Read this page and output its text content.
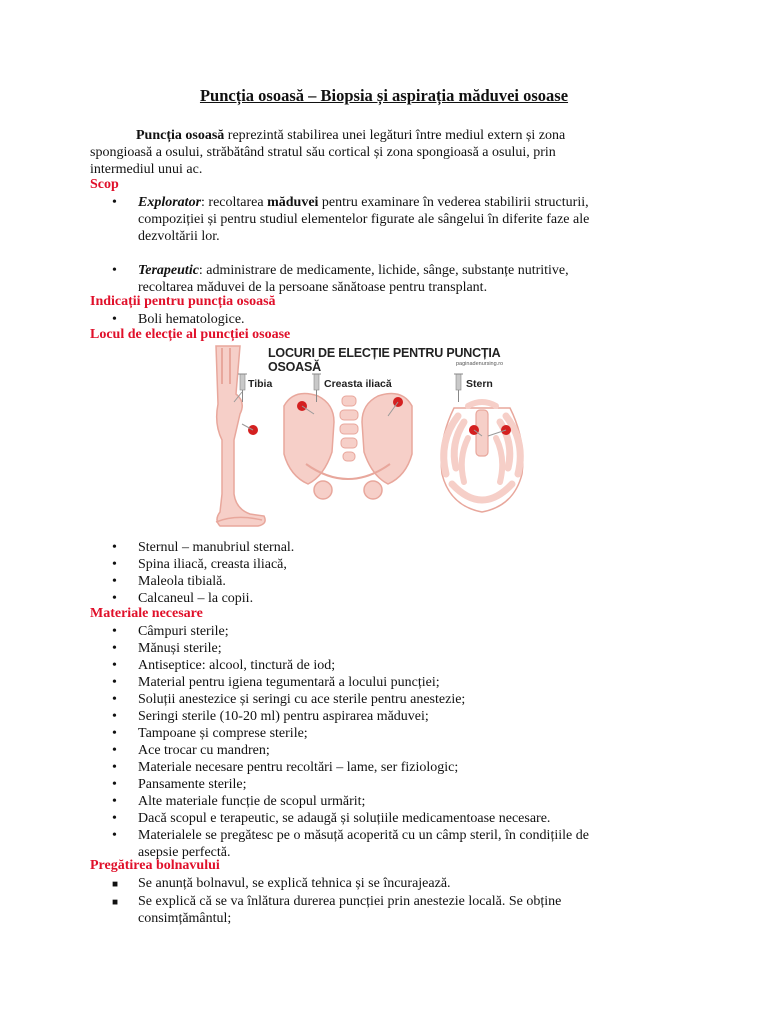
Puncția osoasă – Biopsia și aspirația măduvei osoase
Puncția osoasă reprezintă stabilirea unei legături între mediul extern și zona
spongioasă a osului, străbătând stratul său cortical și zona spongioasă a osului, prin
intermediul unui ac.
Scop
•	Explorator: recoltarea măduvei pentru examinare în vederea stabilirii structurii,
compoziției și pentru studiul elementelor figurate ale sângelui în diferite faze ale
dezvoltării lor.
•	Terapeutic: administrare de medicamente, lichide, sânge, substanțe nutritive,
recoltarea măduvei de la persoane sănătoase pentru transplant.
Indicații pentru puncția osoasă
•	Boli hematologice.
Locul de elecție al puncției osoase
LOCURI DE ELECȚIE PENTRU PUNCȚIA OSOASĂ	paginadenursing.ro
Tibia	Creasta iliacă	Stern
•	Sternul – manubriul sternal.
•	Spina iliacă, creasta iliacă,
•	Maleola tibială.
•	Calcaneul – la copii.
Materiale necesare
•	Câmpuri sterile;
•	Mănuși sterile;
•	Antiseptice: alcool, tinctură de iod;
•	Material pentru igiena tegumentară a locului puncției;
•	Soluții anestezice și seringi cu ace sterile pentru anestezie;
•	Seringi sterile (10-20 ml) pentru aspirarea măduvei;
•	Tampoane și comprese sterile;
•	Ace trocar cu mandren;
•	Materiale necesare pentru recoltări – lame, ser fiziologic;
•	Pansamente sterile;
•	Alte materiale funcție de scopul urmărit;
•	Dacă scopul e terapeutic, se adaugă și soluțiile medicamentoase necesare.
•	Materialele se pregătesc pe o măsuță acoperită cu un câmp steril, în condițiile de
asepsie perfectă.
Pregătirea bolnavului
■	Se anunță bolnavul, se explică tehnica și se încurajează.
■	Se explică că se va înlătura durerea puncției prin anestezie locală. Se obține
consimțământul;
